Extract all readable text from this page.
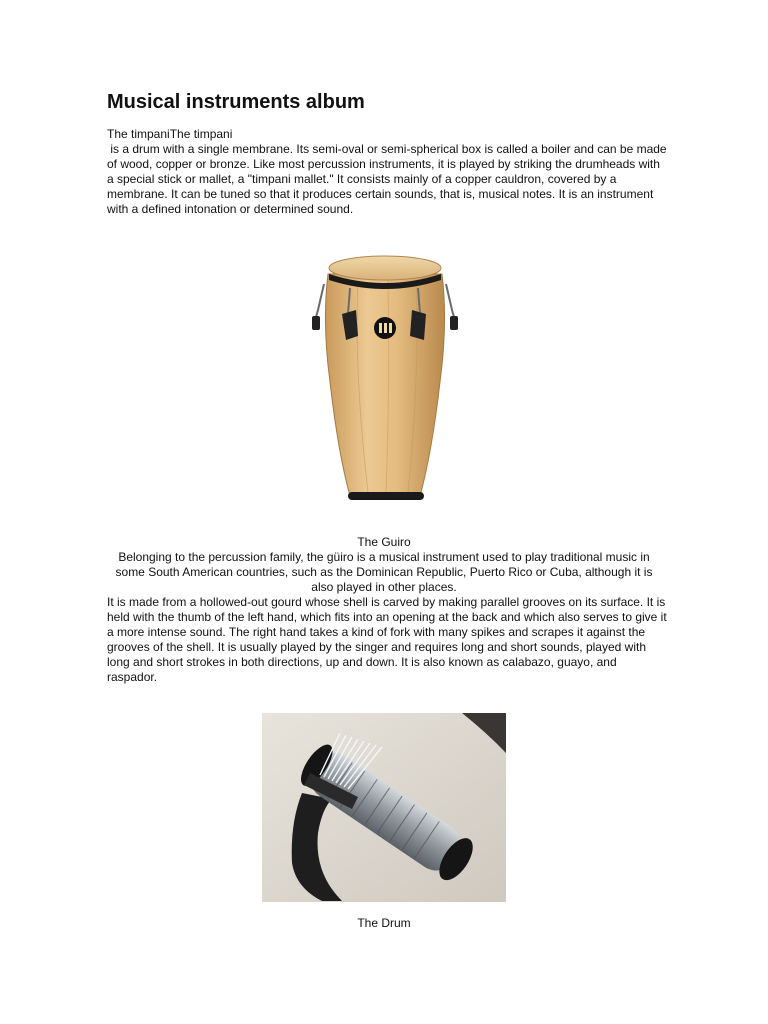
Musical instruments album

The timpaniThe timpani

is a drum with a single membrane. Its semi-oval or semi-spherical box is called a boiler and can be made of wood, copper or bronze. Like most percussion instruments, it is played by striking the drumheads with a special stick or mallet, a "timpani mallet." It consists mainly of a copper cauldron, covered by a membrane. It can be tuned so that it produces certain sounds, that is, musical notes. It is an instrument with a defined intonation or determined sound.

The Guiro
Belonging to the percussion family, the güiro is a musical instrument used to play traditional music in some South American countries, such as the Dominican Republic, Puerto Rico or Cuba, although it is also played in other places.
It is made from a hollowed-out gourd whose shell is carved by making parallel grooves on its surface. It is held with the thumb of the left hand, which fits into an opening at the back and which also serves to give it a more intense sound. The right hand takes a kind of fork with many spikes and scrapes it against the grooves of the shell. It is usually played by the singer and requires long and short sounds, played with long and short strokes in both directions, up and down. It is also known as calabazo, guayo, and raspador.
The Drum
